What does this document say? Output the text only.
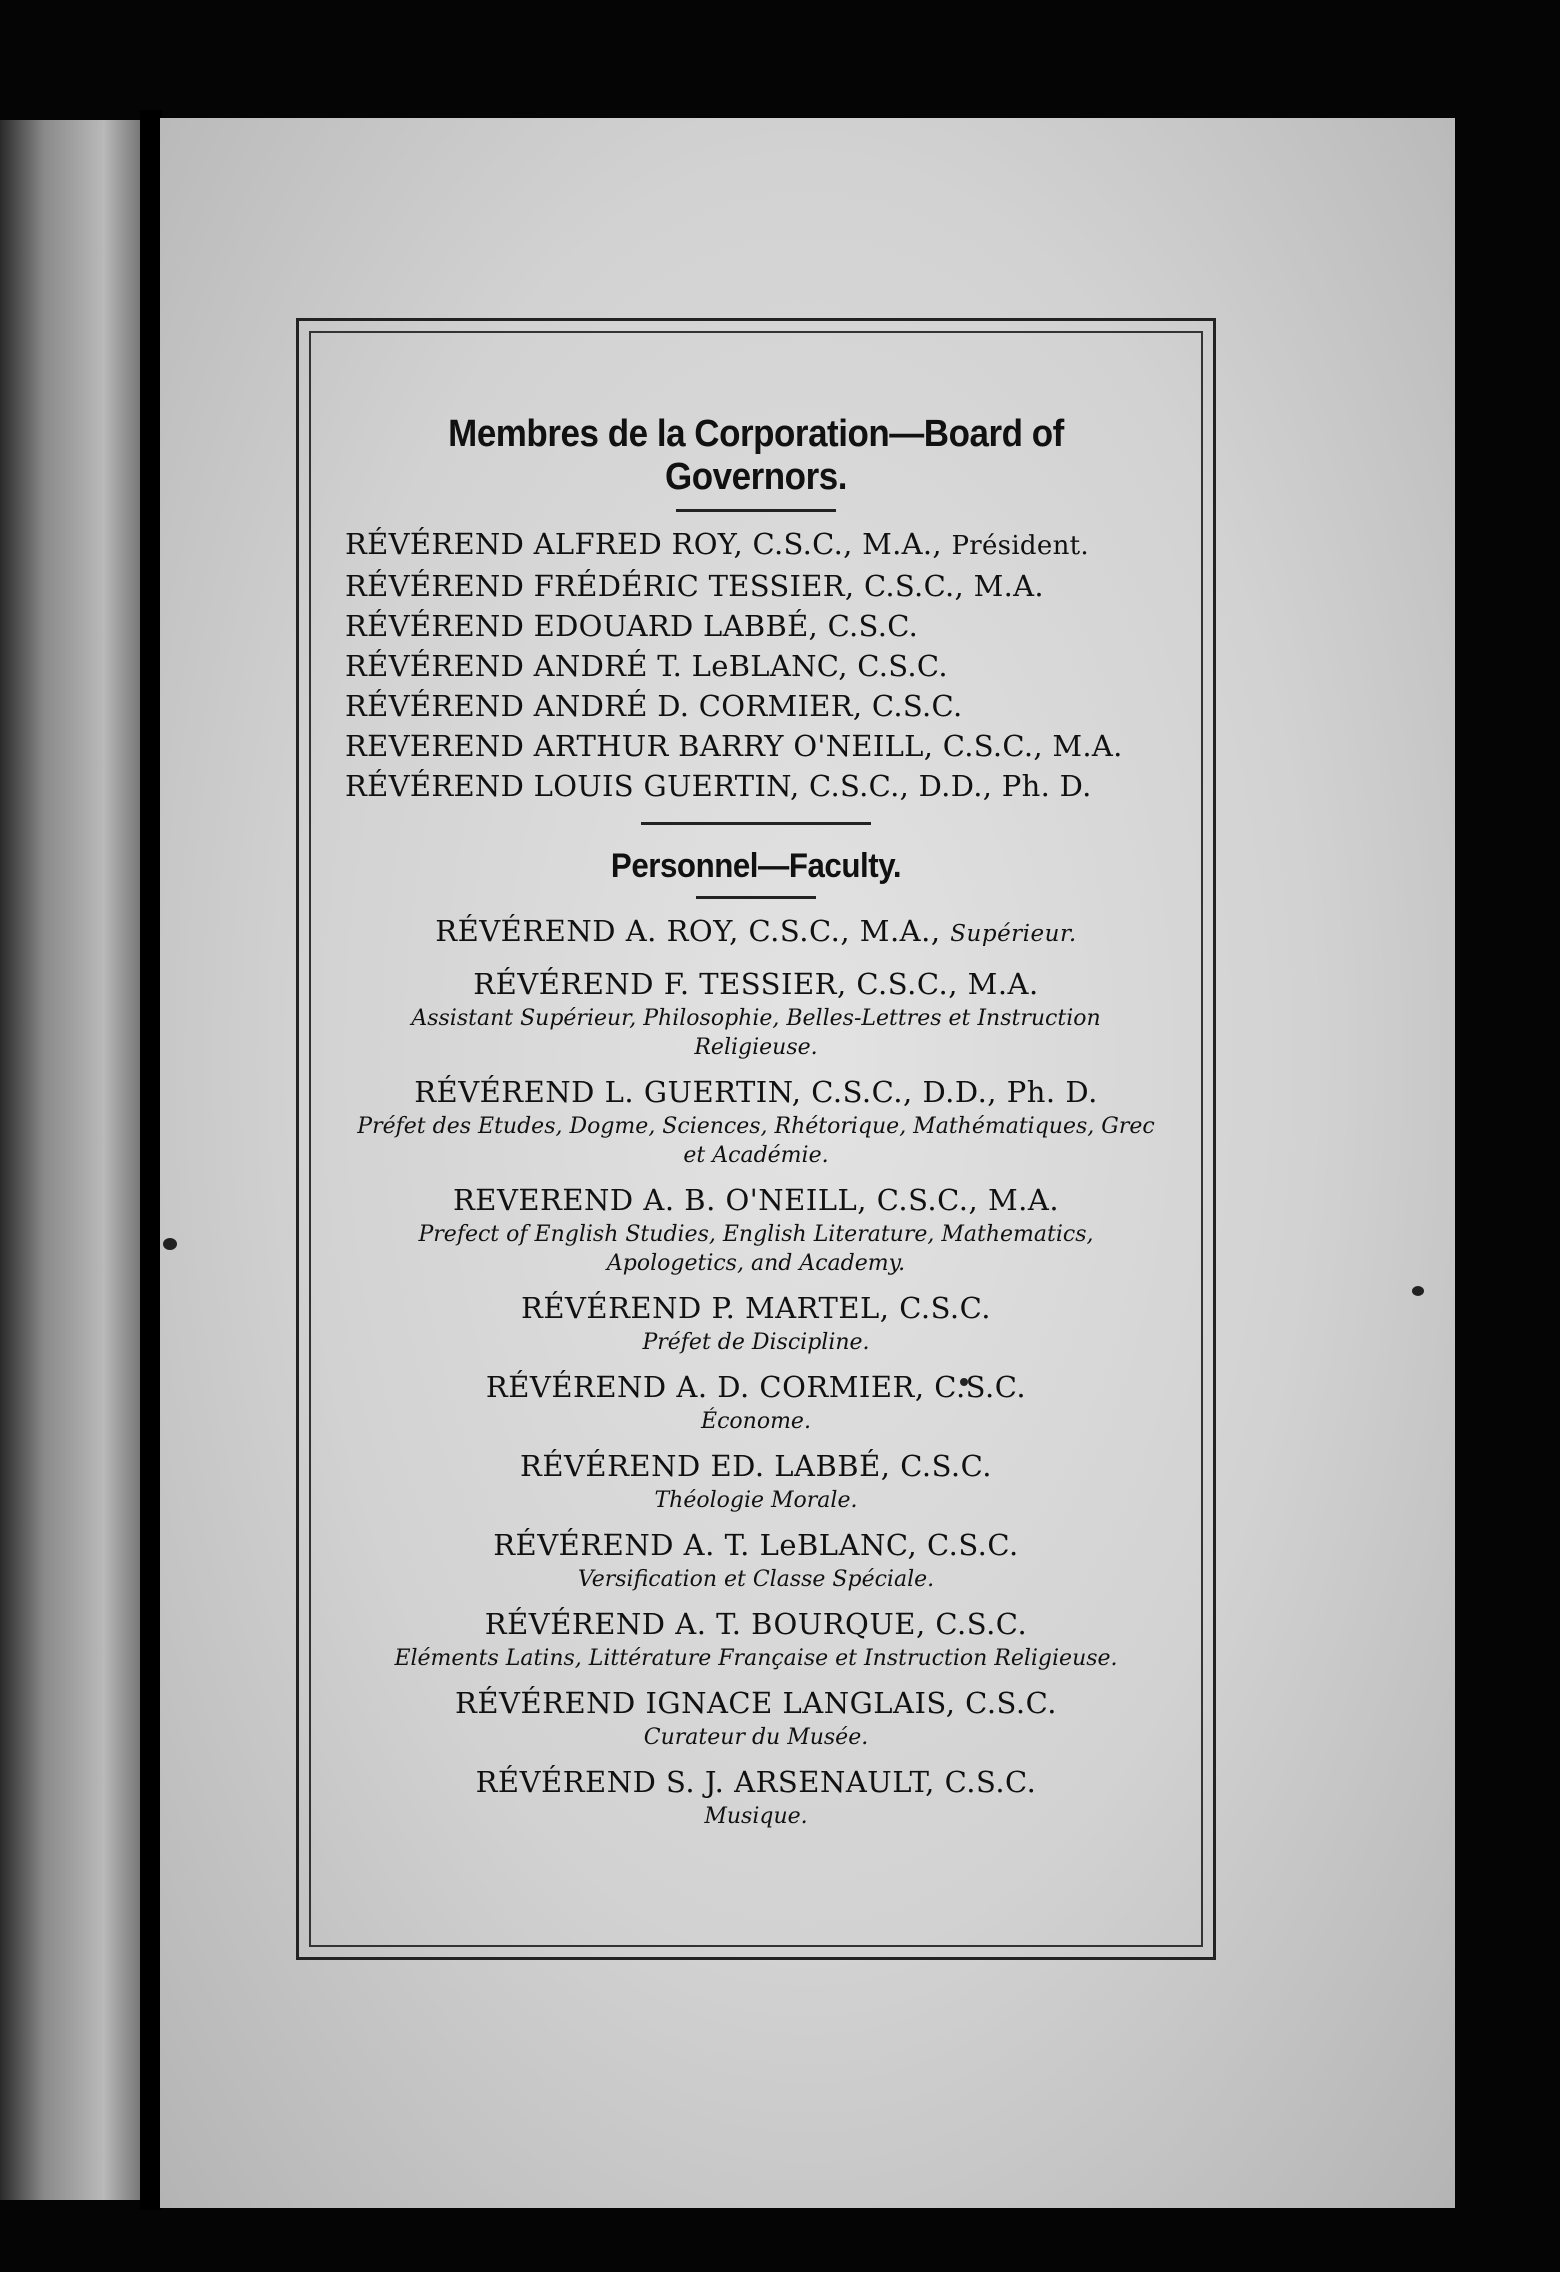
Membres de la Corporation—Board of Governors.
RÉVÉREND ALFRED ROY, C.S.C., M.A., Président.
RÉVÉREND FRÉDÉRIC TESSIER, C.S.C., M.A.
RÉVÉREND EDOUARD LABBÉ, C.S.C.
RÉVÉREND ANDRÉ T. LeBLANC, C.S.C.
RÉVÉREND ANDRÉ D. CORMIER, C.S.C.
REVEREND ARTHUR BARRY O'NEILL, C.S.C., M.A.
RÉVÉREND LOUIS GUERTIN, C.S.C., D.D., Ph. D.
Personnel—Faculty.
RÉVÉREND A. ROY, C.S.C., M.A., Supérieur.
RÉVÉREND F. TESSIER, C.S.C., M.A.
Assistant Supérieur, Philosophie, Belles-Lettres et Instruction Religieuse.
RÉVÉREND L. GUERTIN, C.S.C., D.D., Ph. D.
Préfet des Etudes, Dogme, Sciences, Rhétorique, Mathématiques, Grec et Académie.
REVEREND A. B. O'NEILL, C.S.C., M.A.
Prefect of English Studies, English Literature, Mathematics, Apologetics, and Academy.
RÉVÉREND P. MARTEL, C.S.C.
Préfet de Discipline.
RÉVÉREND A. D. CORMIER, C.S.C.
Économe.
RÉVÉREND ED. LABBÉ, C.S.C.
Théologie Morale.
RÉVÉREND A. T. LeBLANC, C.S.C.
Versification et Classe Spéciale.
RÉVÉREND A. T. BOURQUE, C.S.C.
Eléments Latins, Littérature Française et Instruction Religieuse.
RÉVÉREND IGNACE LANGLAIS, C.S.C.
Curateur du Musée.
RÉVÉREND S. J. ARSENAULT, C.S.C.
Musique.
